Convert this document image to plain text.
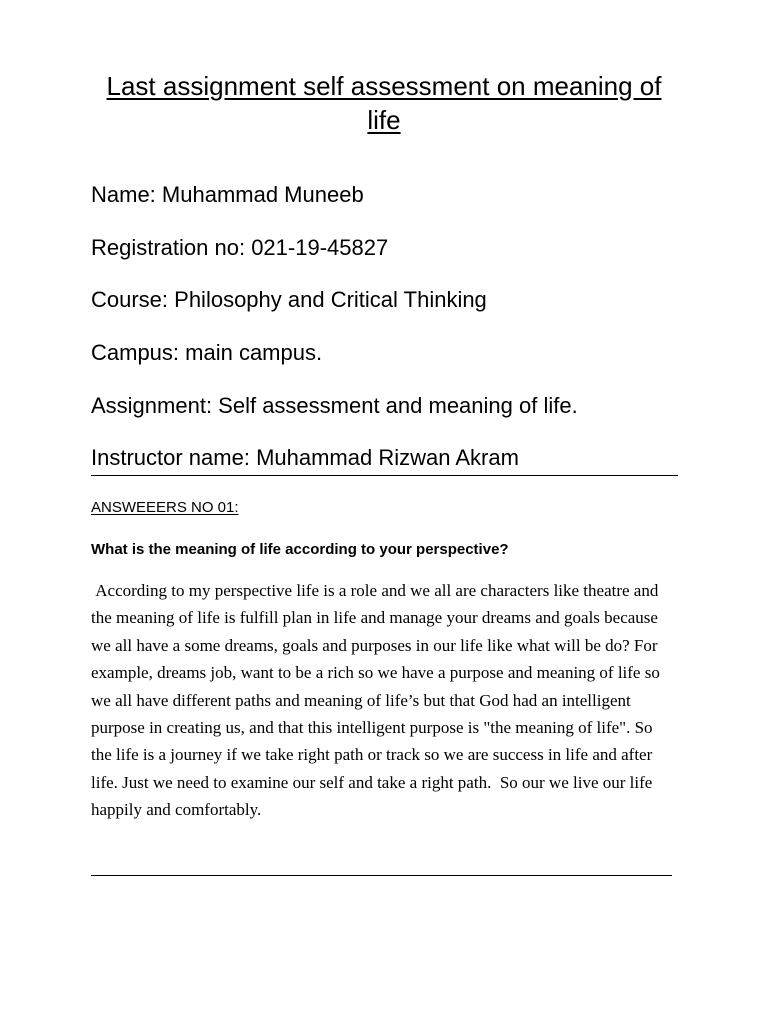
Last assignment self assessment on meaning of life
Name: Muhammad Muneeb
Registration no: 021-19-45827
Course: Philosophy and Critical Thinking
Campus: main campus.
Assignment: Self assessment and meaning of life.
Instructor name: Muhammad Rizwan Akram
ANSWEEERS NO 01:
What is the meaning of life according to your perspective?

According to my perspective life is a role and we all are characters like theatre and the meaning of life is fulfill plan in life and manage your dreams and goals because we all have a some dreams, goals and purposes in our life like what will be do? For example, dreams job, want to be a rich so we have a purpose and meaning of life so we all have different paths and meaning of life’s but that God had an intelligent purpose in creating us, and that this intelligent purpose is "the meaning of life". So the life is a journey if we take right path or track so we are success in life and after life. Just we need to examine our self and take a right path.  So our we live our life happily and comfortably.
